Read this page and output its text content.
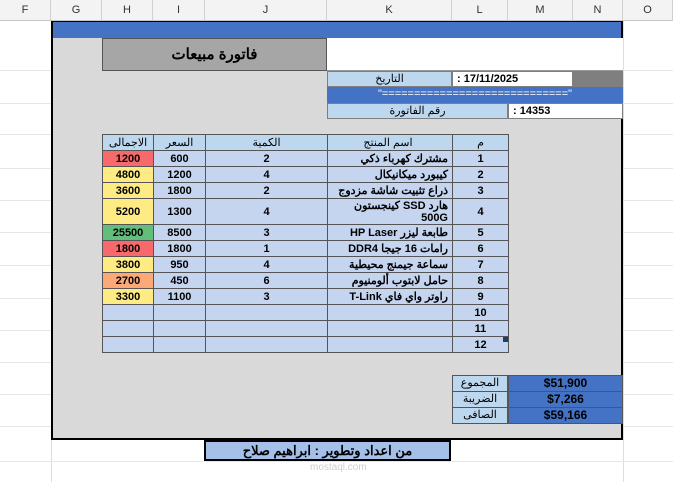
F	G	H	I	J	K	L	M	N	O
فاتورة مبيعات
التاريخ	: 17/11/2025
"============================="
رقم الفاتورة	: 14353
الاجمالى	السعر	الكمية	اسم المنتج	م
1200	600	2	مشترك كهرباء ذكي	1
4800	1200	4	كيبورد ميكانيكال	2
3600	1800	2	ذراع تثبيت شاشة مزدوج	3
5200	1300	4	هارد SSD كينجستون 500G	4
25500	8500	3	طابعة ليزر HP Laser	5
1800	1800	1	رامات 16 جيجا DDR4	6
3800	950	4	سماعة جيمنج محيطية	7
2700	450	6	حامل لابتوب ألومنيوم	8
3300	1100	3	راوتر واي فاي T-Link	9
				10
				11
				12
المجموع	$51,900
الضريبة	$7,266
الصافى	$59,166
من اعداد وتطوير : ابراهيم صلاح
mostaql.com
